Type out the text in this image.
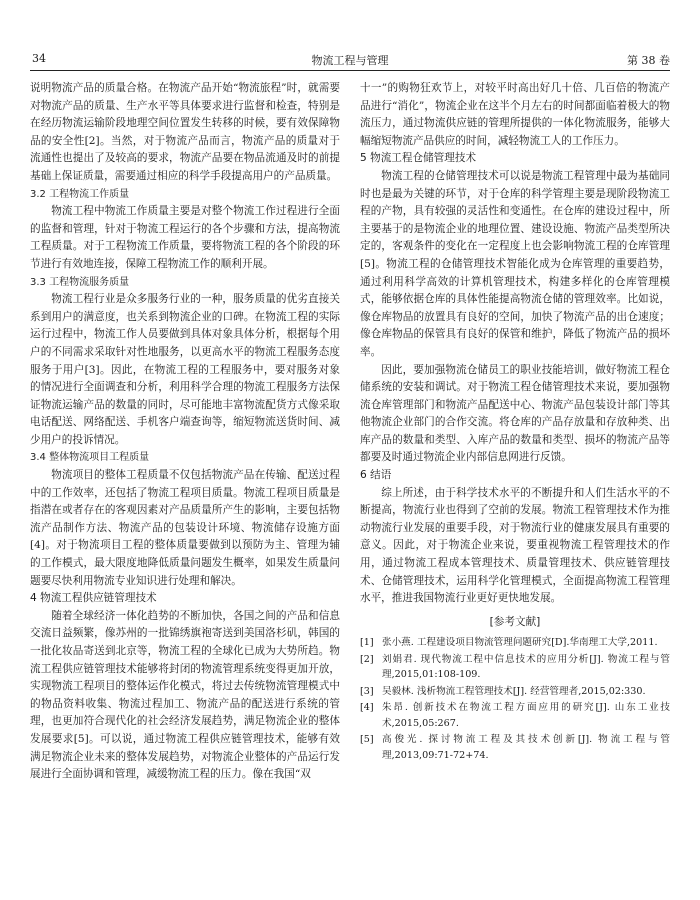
34	物流工程与管理	第 38 卷

说明物流产品的质量合格。在物流产品开始“物流旅程”时，就需要对物流产品的质量、生产水平等具体要求进行监督和检查，特别是在经历物流运输阶段地理空间位置发生转移的时候，要有效保障物品的安全性[2]。当然，对于物流产品而言，物流产品的质量对于流通性也提出了及较高的要求，物流产品要在物品流通及时的前提基础上保证质量，需要通过相应的科学手段提高用户的产品质量。

3.2 工程物流工作质量

物流工程中物流工作质量主要是对整个物流工作过程进行全面的监督和管理，针对于物流工程运行的各个步骤和方法，提高物流工程质量。对于工程物流工作质量，要将物流工程的各个阶段的环节进行有效地连接，保障工程物流工作的顺利开展。

3.3 工程物流服务质量

物流工程行业是众多服务行业的一种，服务质量的优劣直接关系到用户的满意度，也关系到物流企业的口碑。在物流工程的实际运行过程中，物流工作人员要做到具体对象具体分析，根据每个用户的不同需求采取针对性地服务，以更高水平的物流工程服务态度服务于用户[3]。因此，在物流工程的工程服务中，要对服务对象的情况进行全面调查和分析，利用科学合理的物流工程服务方法保证物流运输产品的数量的同时，尽可能地丰富物流配货方式像采取电话配送、网络配送、手机客户端查询等，缩短物流送货时间、减少用户的投诉情况。

3.4 整体物流项目工程质量

物流项目的整体工程质量不仅包括物流产品在传输、配送过程中的工作效率，还包括了物流工程项目质量。物流工程项目质量是指潜在或者存在的客观因素对产品质量所产生的影响，主要包括物流产品制作方法、物流产品的包装设计环境、物流储存设施方面[4]。对于物流项目工程的整体质量要做到以预防为主、管理为辅的工作模式，最大限度地降低质量问题发生概率，如果发生质量问题要尽快利用物流专业知识进行处理和解决。

4 物流工程供应链管理技术

随着全球经济一体化趋势的不断加快，各国之间的产品和信息交流日益频繁，像苏州的一批锦绣旗袍寄送到美国洛杉矶，韩国的一批化妆品寄送到北京等，物流工程的全球化已成为大势所趋。物流工程供应链管理技术能够将封闭的物流管理系统变得更加开放，实现物流工程项目的整体运作化模式，将过去传统物流管理模式中的物品资料收集、物流过程加工、物流产品的配送进行系统的管理，也更加符合现代化的社会经济发展趋势，满足物流企业的整体发展要求[5]。可以说，通过物流工程供应链管理技术，能够有效满足物流企业未来的整体发展趋势，对物流企业整体的产品运行发展进行全面协调和管理，减缓物流工程的压力。像在我国“双

十一”的购物狂欢节上，对较平时高出好几十倍、几百倍的物流产品进行“消化”，物流企业在这半个月左右的时间都面临着极大的物流压力，通过物流供应链的管理所提供的一体化物流服务，能够大幅缩短物流产品供应的时间，减轻物流工人的工作压力。

5 物流工程仓储管理技术

物流工程的仓储管理技术可以说是物流工程管理中最为基础同时也是最为关键的环节，对于仓库的科学管理主要是现阶段物流工程的产物，具有较强的灵活性和变通性。在仓库的建设过程中，所主要基于的是物流企业的地理位置、建设设施、物流产品类型所决定的，客观条件的变化在一定程度上也会影响物流工程的仓库管理[5]。物流工程的仓储管理技术智能化成为仓库管理的重要趋势，通过利用科学高效的计算机管理技术，构建多样化的仓库管理模式，能够依据仓库的具体性能提高物流仓储的管理效率。比如说，像仓库物品的放置具有良好的空间，加快了物流产品的出仓速度；像仓库物品的保管具有良好的保管和维护，降低了物流产品的损坏率。

因此，要加强物流仓储员工的职业技能培训，做好物流工程仓储系统的安装和调试。对于物流工程仓储管理技术来说，要加强物流仓库管理部门和物流产品配送中心、物流产品包装设计部门等其他物流企业部门的合作交流。将仓库的产品存放量和存放种类、出库产品的数量和类型、入库产品的数量和类型、损坏的物流产品等都要及时通过物流企业内部信息网进行反馈。

6 结语

综上所述，由于科学技术水平的不断提升和人们生活水平的不断提高，物流行业也得到了空前的发展。物流工程管理技术作为推动物流行业发展的重要手段，对于物流行业的健康发展具有重要的意义。因此，对于物流企业来说，要重视物流工程管理技术的作用，通过物流工程成本管理技术、质量管理技术、供应链管理技术、仓储管理技术，运用科学化管理模式，全面提高物流工程管理水平，推进我国物流行业更好更快地发展。

[参考文献]
[1] 张小燕. 工程建设项目物流管理问题研究[D].华南理工大学,2011.
[2] 刘娟君. 现代物流工程中信息技术的应用分析[J]. 物流工程与管理,2015,01:108-109.
[3] 吴毅林. 浅析物流工程管理技术[J]. 经营管理者,2015,02:330.
[4] 朱昂. 创新技术在物流工程方面应用的研究[J]. 山东工业技术,2015,05:267.
[5] 高俊光. 探讨物流工程及其技术创新[J]. 物流工程与管理,2013,09:71-72+74.
